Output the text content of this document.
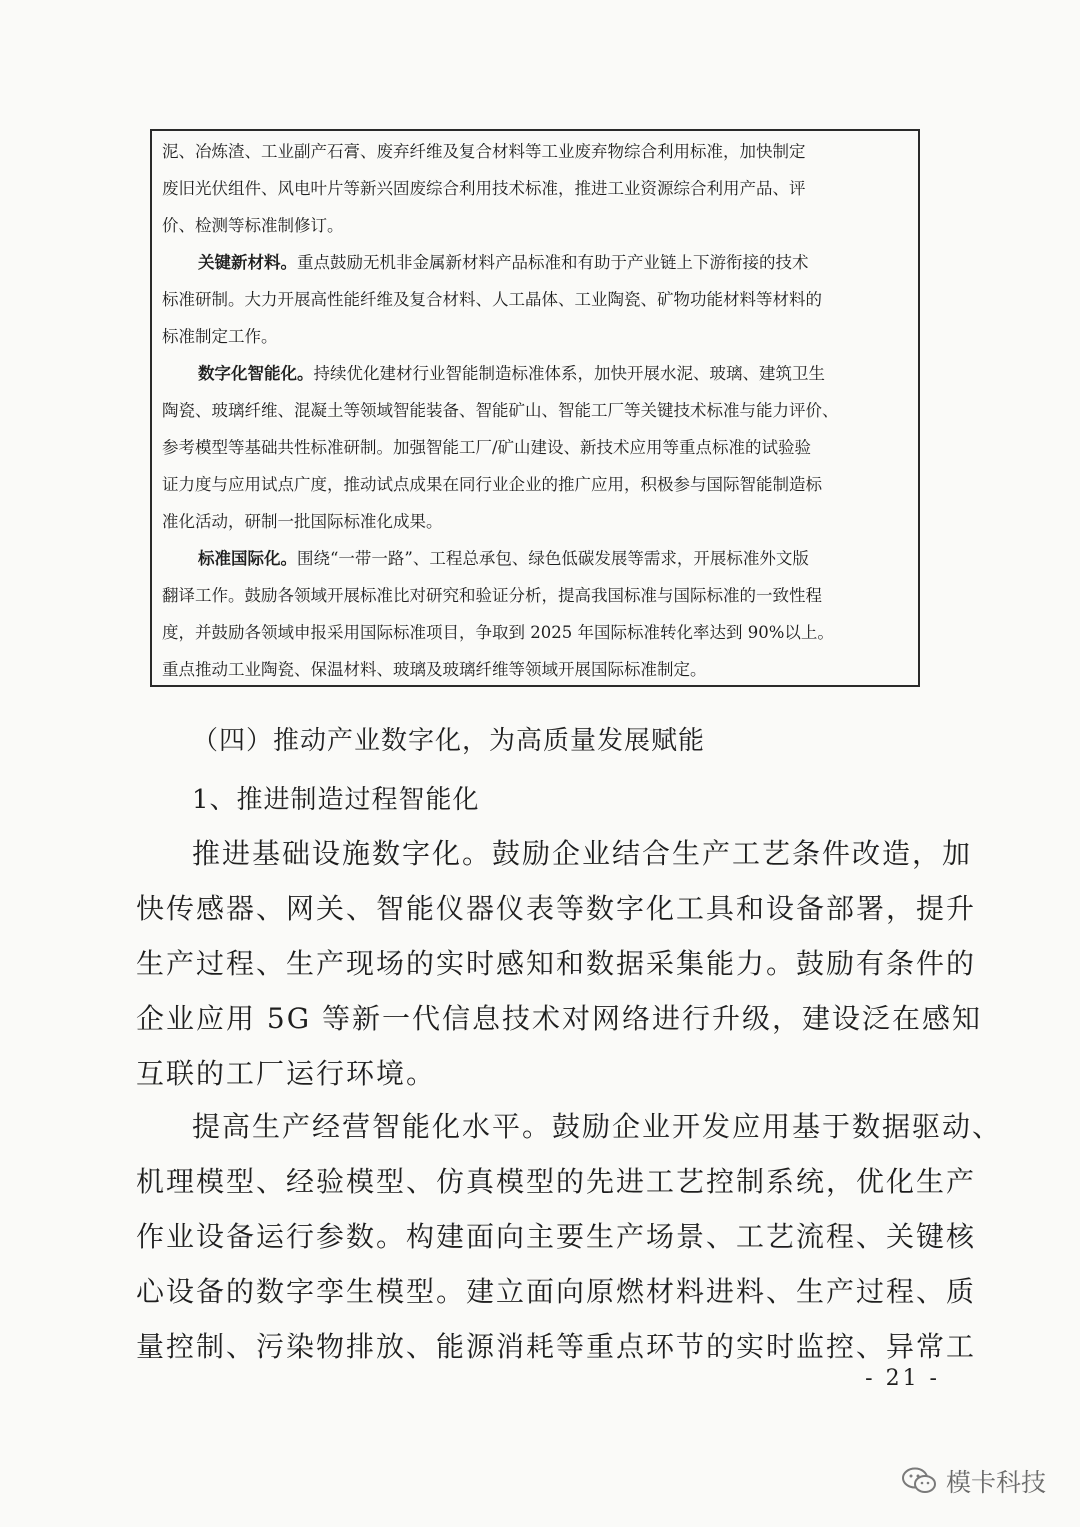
泥、冶炼渣、工业副产石膏、废弃纤维及复合材料等工业废弃物综合利用标准，加快制定
废旧光伏组件、风电叶片等新兴固废综合利用技术标准，推进工业资源综合利用产品、评
价、检测等标准制修订。

关键新材料。重点鼓励无机非金属新材料产品标准和有助于产业链上下游衔接的技术
标准研制。大力开展高性能纤维及复合材料、人工晶体、工业陶瓷、矿物功能材料等材料的
标准制定工作。

数字化智能化。持续优化建材行业智能制造标准体系，加快开展水泥、玻璃、建筑卫生
陶瓷、玻璃纤维、混凝土等领域智能装备、智能矿山、智能工厂等关键技术标准与能力评价、
参考模型等基础共性标准研制。加强智能工厂/矿山建设、新技术应用等重点标准的试验验
证力度与应用试点广度，推动试点成果在同行业企业的推广应用，积极参与国际智能制造标
准化活动，研制一批国际标准化成果。

标准国际化。围绕“一带一路”、工程总承包、绿色低碳发展等需求，开展标准外文版
翻译工作。鼓励各领域开展标准比对研究和验证分析，提高我国标准与国际标准的一致性程
度，并鼓励各领域申报采用国际标准项目，争取到 2025 年国际标准转化率达到 90%以上。
重点推动工业陶瓷、保温材料、玻璃及玻璃纤维等领域开展国际标准制定。

（四）推动产业数字化，为高质量发展赋能
1、推进制造过程智能化
推进基础设施数字化。鼓励企业结合生产工艺条件改造，加
快传感器、网关、智能仪器仪表等数字化工具和设备部署，提升
生产过程、生产现场的实时感知和数据采集能力。鼓励有条件的
企业应用 5G 等新一代信息技术对网络进行升级，建设泛在感知
互联的工厂运行环境。
提高生产经营智能化水平。鼓励企业开发应用基于数据驱动、
机理模型、经验模型、仿真模型的先进工艺控制系统，优化生产
作业设备运行参数。构建面向主要生产场景、工艺流程、关键核
心设备的数字孪生模型。建立面向原燃材料进料、生产过程、质
量控制、污染物排放、能源消耗等重点环节的实时监控、异常工
- 21 -
模卡科技
